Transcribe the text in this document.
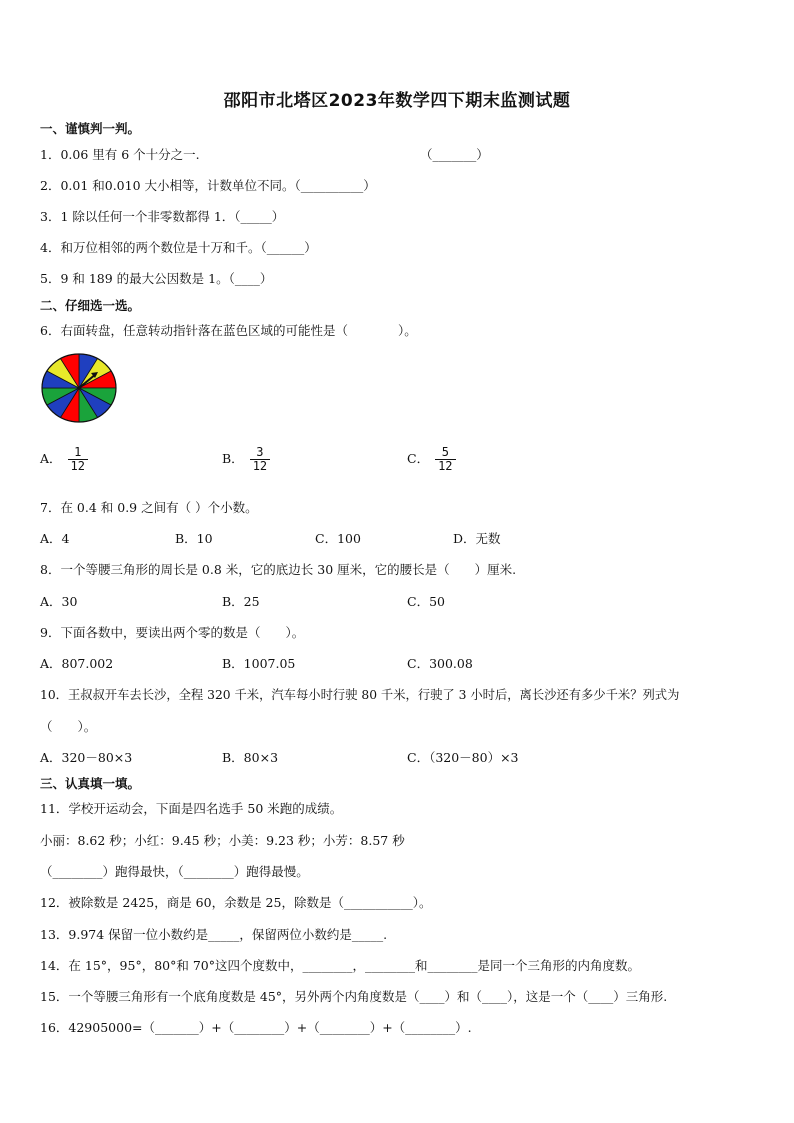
邵阳市北塔区2023年数学四下期末监测试题
一、谨慎判一判。
1．0.06 里有 6 个十分之一.	（_______）
2．0.01 和0.010 大小相等，计数单位不同。（__________）
3．1 除以任何一个非零数都得 1．（_____）
4．和万位相邻的两个数位是十万和千。（______）
5．9 和 189 的最大公因数是 1。（____）
二、仔细选一选。
6．右面转盘，任意转动指针落在蓝色区域的可能性是（　　　　）。
A． $\frac{1}{12}$	B． $\frac{3}{12}$	C． $\frac{5}{12}$
7．在 0.4 和 0.9 之间有（ ）个小数。
A．4	B．10	C．100	D．无数
8．一个等腰三角形的周长是 0.8 米，它的底边长 30 厘米，它的腰长是（　　）厘米.
A．30	B．25	C．50
9．下面各数中，要读出两个零的数是（　　）。
A．807.002	B．1007.05	C．300.08
10．王叔叔开车去长沙，全程 320 千米，汽车每小时行驶 80 千米，行驶了 3 小时后，离长沙还有多少千米？列式为
（　　）。
A．320－80×3	B．80×3	C．（320－80）×3
三、认真填一填。
11．学校开运动会，下面是四名选手 50 米跑的成绩。
小丽：8.62 秒；小红：9.45 秒；小美：9.23 秒；小芳：8.57 秒
（________）跑得最快，（________）跑得最慢。
12．被除数是 2425，商是 60，余数是 25，除数是（___________）。
13．9.974 保留一位小数约是_____，保留两位小数约是_____.
14．在 15°，95°，80°和 70°这四个度数中，________，________和________是同一个三角形的内角度数。
15．一个等腰三角形有一个底角度数是 45°，另外两个内角度数是（____）和（____），这是一个（____）三角形.
16．42905000=（_______）+（________）+（________）+（________）.
